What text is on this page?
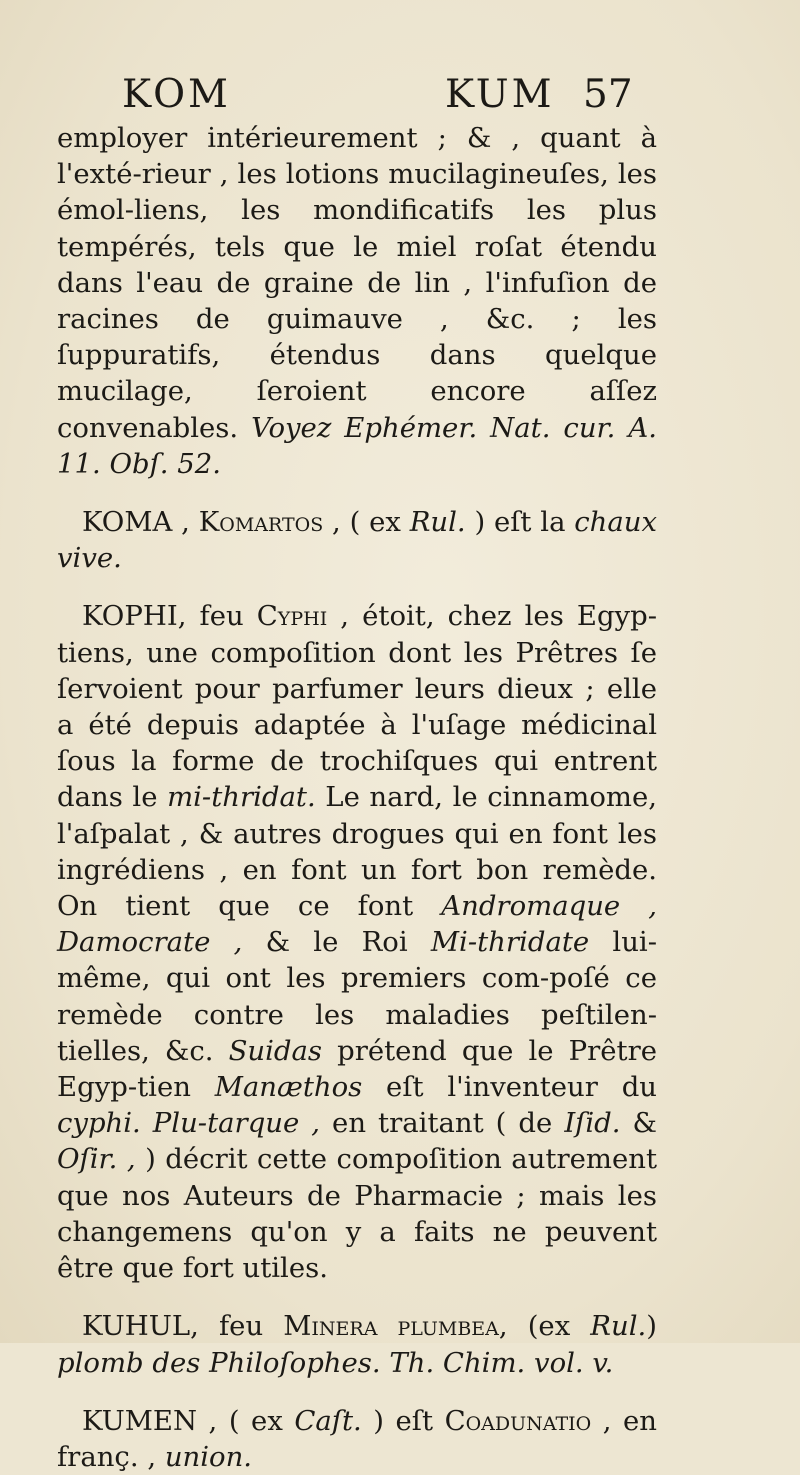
KOM	KUM 57

employer intérieurement ; & , quant à l'exté-rieur , les lotions mucilagineuſes, les émol-liens, les mondificatifs les plus tempérés, tels que le miel roſat étendu dans l'eau de graine de lin , l'infuſion de racines de guimauve , &c. ; les ſuppuratifs, étendus dans quelque mucilage, ſeroient encore aſſez convenables. Voyez Ephémer. Nat. cur. A. 11. Obſ. 52.

KOMA , Komartos , ( ex Rul. ) eſt la chaux vive.

KOPHI, feu Cyphi , étoit, chez les Egyp-tiens, une compoſition dont les Prêtres ſe ſervoient pour parfumer leurs dieux ; elle a été depuis adaptée à l'uſage médicinal ſous la forme de trochiſques qui entrent dans le mi-thridat. Le nard, le cinnamome, l'aſpalat , & autres drogues qui en font les ingrédiens , en font un fort bon remède. On tient que ce font Andromaque , Damocrate , & le Roi Mi-thridate lui-même, qui ont les premiers com-poſé ce remède contre les maladies peſtilen-tielles, &c. Suidas prétend que le Prêtre Egyp-tien Manæthos eſt l'inventeur du cyphi. Plu-tarque , en traitant ( de Iſid. & Oſir. , ) décrit cette compoſition autrement que nos Auteurs de Pharmacie ; mais les changemens qu'on y a faits ne peuvent être que fort utiles.

KUHUL, feu Minera plumbea, (ex Rul.) plomb des Philoſophes. Th. Chim. vol. v.

KUMEN , ( ex Caſt. ) eſt Coadunatio , en franç. , union.
